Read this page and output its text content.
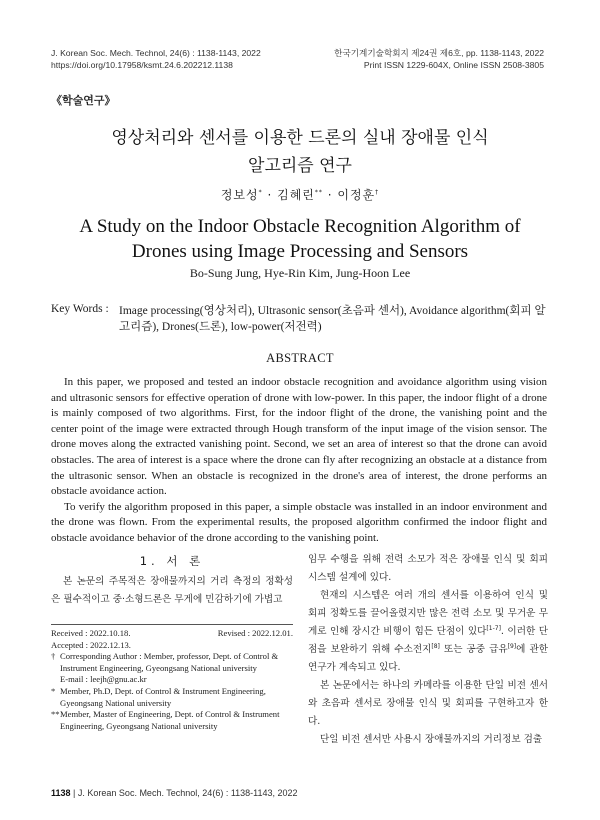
J. Korean Soc. Mech. Technol, 24(6) : 1138-1143, 2022
https://doi.org/10.17958/ksmt.24.6.202212.1138
한국기계기술학회지 제24권 제6호, pp. 1138-1143, 2022
Print ISSN 1229-604X, Online ISSN 2508-3805
《학술연구》
영상처리와 센서를 이용한 드론의 실내 장애물 인식
알고리즘 연구
정보성* · 김혜린** · 이정훈†
A Study on the Indoor Obstacle Recognition Algorithm of
Drones using Image Processing and Sensors
Bo-Sung Jung, Hye-Rin Kim, Jung-Hoon Lee
Key Words : Image processing(영상처리), Ultrasonic sensor(초음파 센서), Avoidance algorithm(회피 알고리즘), Drones(드론), low-power(저전력)
ABSTRACT

In this paper, we proposed and tested an indoor obstacle recognition and avoidance algorithm using vision and ultrasonic sensors for effective operation of drone with low-power. In this paper, the indoor flight of a drone is mainly composed of two algorithms. First, for the indoor flight of the drone, the vanishing point and the center point of the image were extracted through Hough transform of the input image of the vision sensor. The drone moves along the extracted vanishing point. Second, we set an area of interest so that the drone can avoid obstacles. The area of interest is a space where the drone can fly after recognizing an obstacle at a distance from the ultrasonic sensor. When an obstacle is recognized in the drone's area of interest, the drone performs an obstacle avoidance action.

To verify the algorithm proposed in this paper, a simple obstacle was installed in an indoor environment and the drone was flown. From the experimental results, the proposed algorithm confirmed the indoor flight and obstacle avoidance behavior of the drone according to the vanishing point.

1. 서 론

본 논문의 주목적은 장애물까지의 거리 측정의 정확성은 필수적이고 중·소형드론은 무게에 민감하기에 가볍고

Received : 2022.10.18.	Revised : 2022.12.01.
Accepted : 2022.12.13.
† Corresponding Author : Member, professor, Dept. of Control & Instrument Engineering, Gyeongsang National university
E-mail : leejh@gnu.ac.kr
* Member, Ph.D, Dept. of Control & Instrument Engineering, Gyeongsang National university
** Member, Master of Engineering, Dept. of Control & Instrument Engineering, Gyeongsang National university

임무 수행을 위해 전력 소모가 적은 장애물 인식 및 회피 시스템 설계에 있다.

현재의 시스템은 여러 개의 센서를 이용하여 인식 및 회피 정확도를 끌어올렸지만 많은 전력 소모 및 무거운 무게로 인해 장시간 비행이 힘든 단점이 있다[1-7]. 이러한 단점을 보완하기 위해 수소전지[8] 또는 공중 급유[9]에 관한 연구가 계속되고 있다.

본 논문에서는 하나의 카메라를 이용한 단일 비전 센서와 초음파 센서로 장애물 인식 및 회피를 구현하고자 한다.

단일 비전 센서만 사용시 장애물까지의 거리정보 검출

1138 | J. Korean Soc. Mech. Technol, 24(6) : 1138-1143, 2022
